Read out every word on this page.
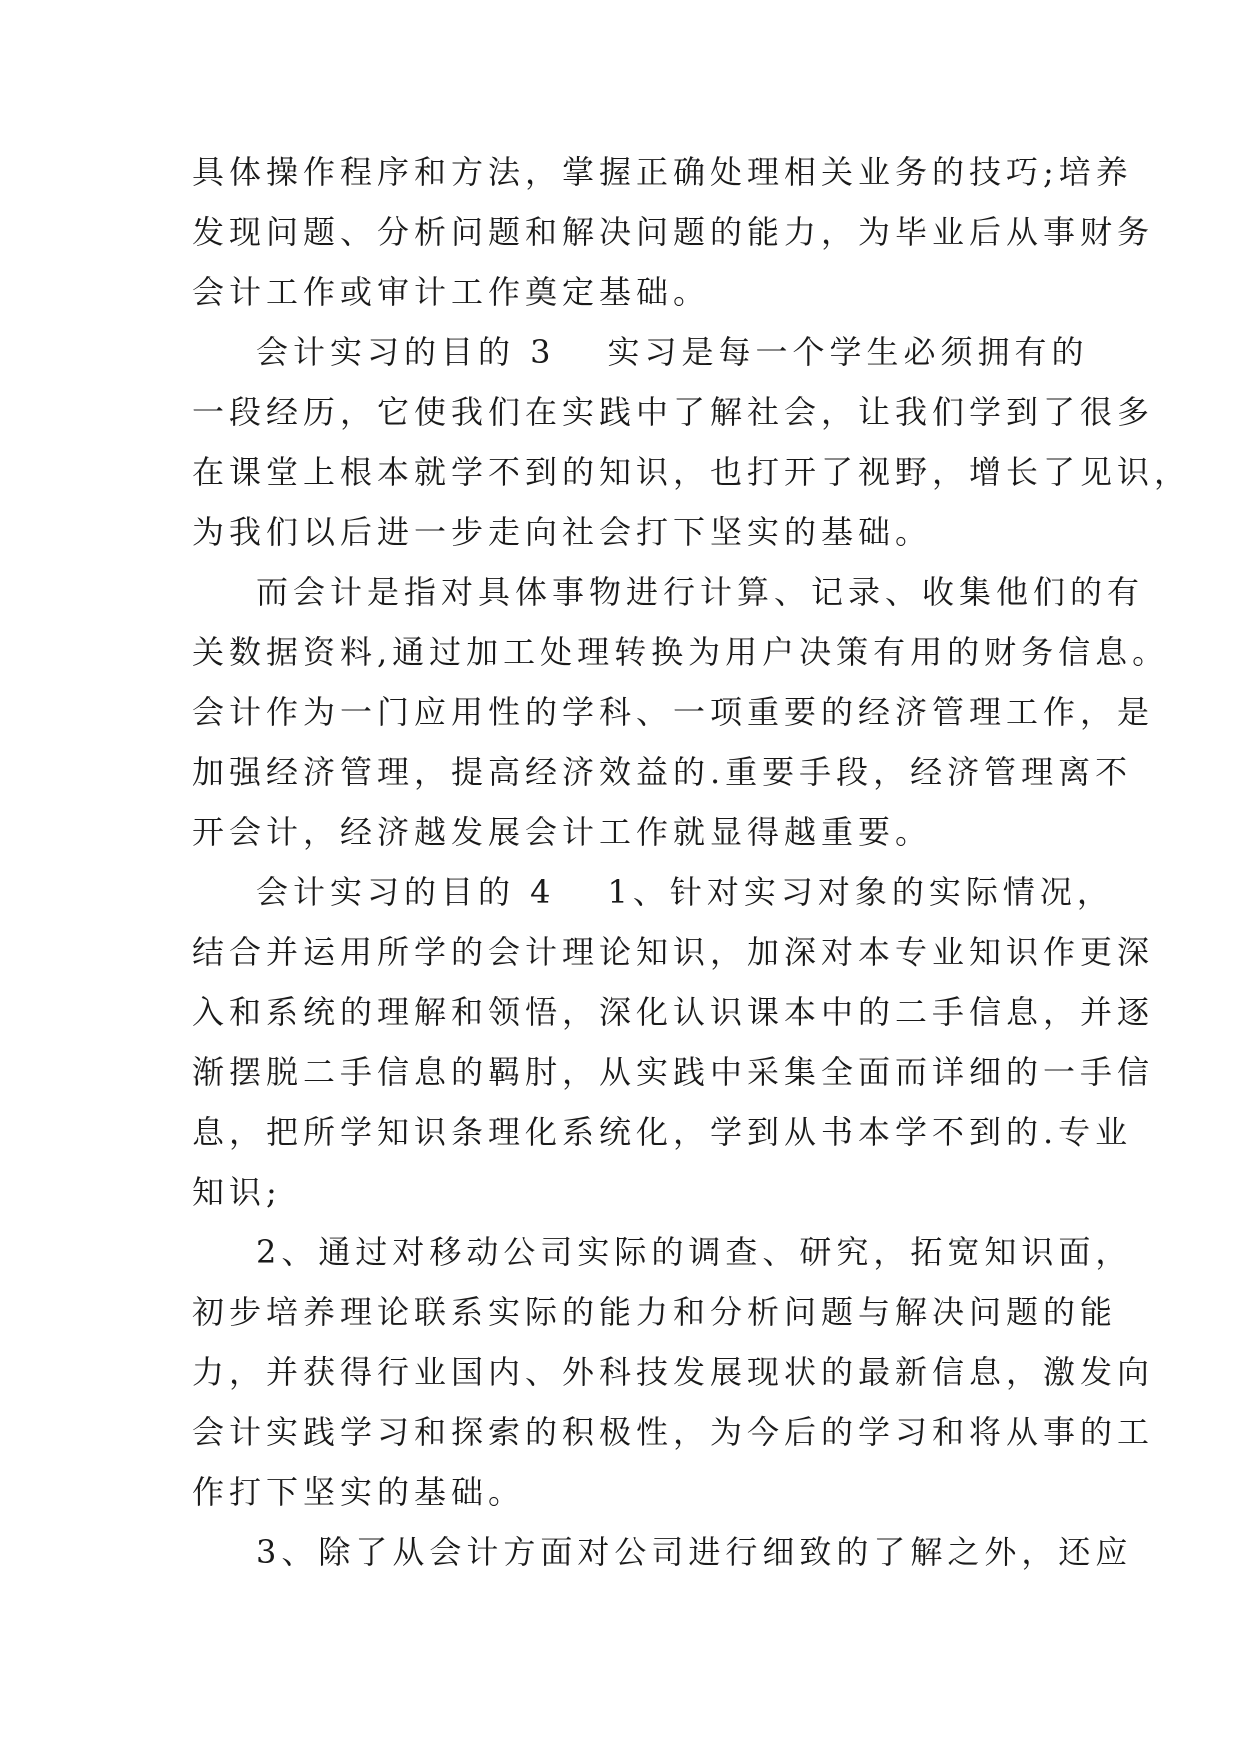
具体操作程序和方法，掌握正确处理相关业务的技巧;培养
发现问题、分析问题和解决问题的能力，为毕业后从事财务
会计工作或审计工作奠定基础。
会计实习的目的 3 实习是每一个学生必须拥有的
一段经历，它使我们在实践中了解社会，让我们学到了很多
在课堂上根本就学不到的知识，也打开了视野，增长了见识，
为我们以后进一步走向社会打下坚实的基础。
而会计是指对具体事物进行计算、记录、收集他们的有
关数据资料,通过加工处理转换为用户决策有用的财务信息。
会计作为一门应用性的学科、一项重要的经济管理工作，是
加强经济管理，提高经济效益的.重要手段，经济管理离不
开会计，经济越发展会计工作就显得越重要。
会计实习的目的 4 1、针对实习对象的实际情况，
结合并运用所学的会计理论知识，加深对本专业知识作更深
入和系统的理解和领悟，深化认识课本中的二手信息，并逐
渐摆脱二手信息的羁肘，从实践中采集全面而详细的一手信
息，把所学知识条理化系统化，学到从书本学不到的.专业
知识;
2、通过对移动公司实际的调查、研究，拓宽知识面，
初步培养理论联系实际的能力和分析问题与解决问题的能
力，并获得行业国内、外科技发展现状的最新信息，激发向
会计实践学习和探索的积极性，为今后的学习和将从事的工
作打下坚实的基础。
3、除了从会计方面对公司进行细致的了解之外，还应
